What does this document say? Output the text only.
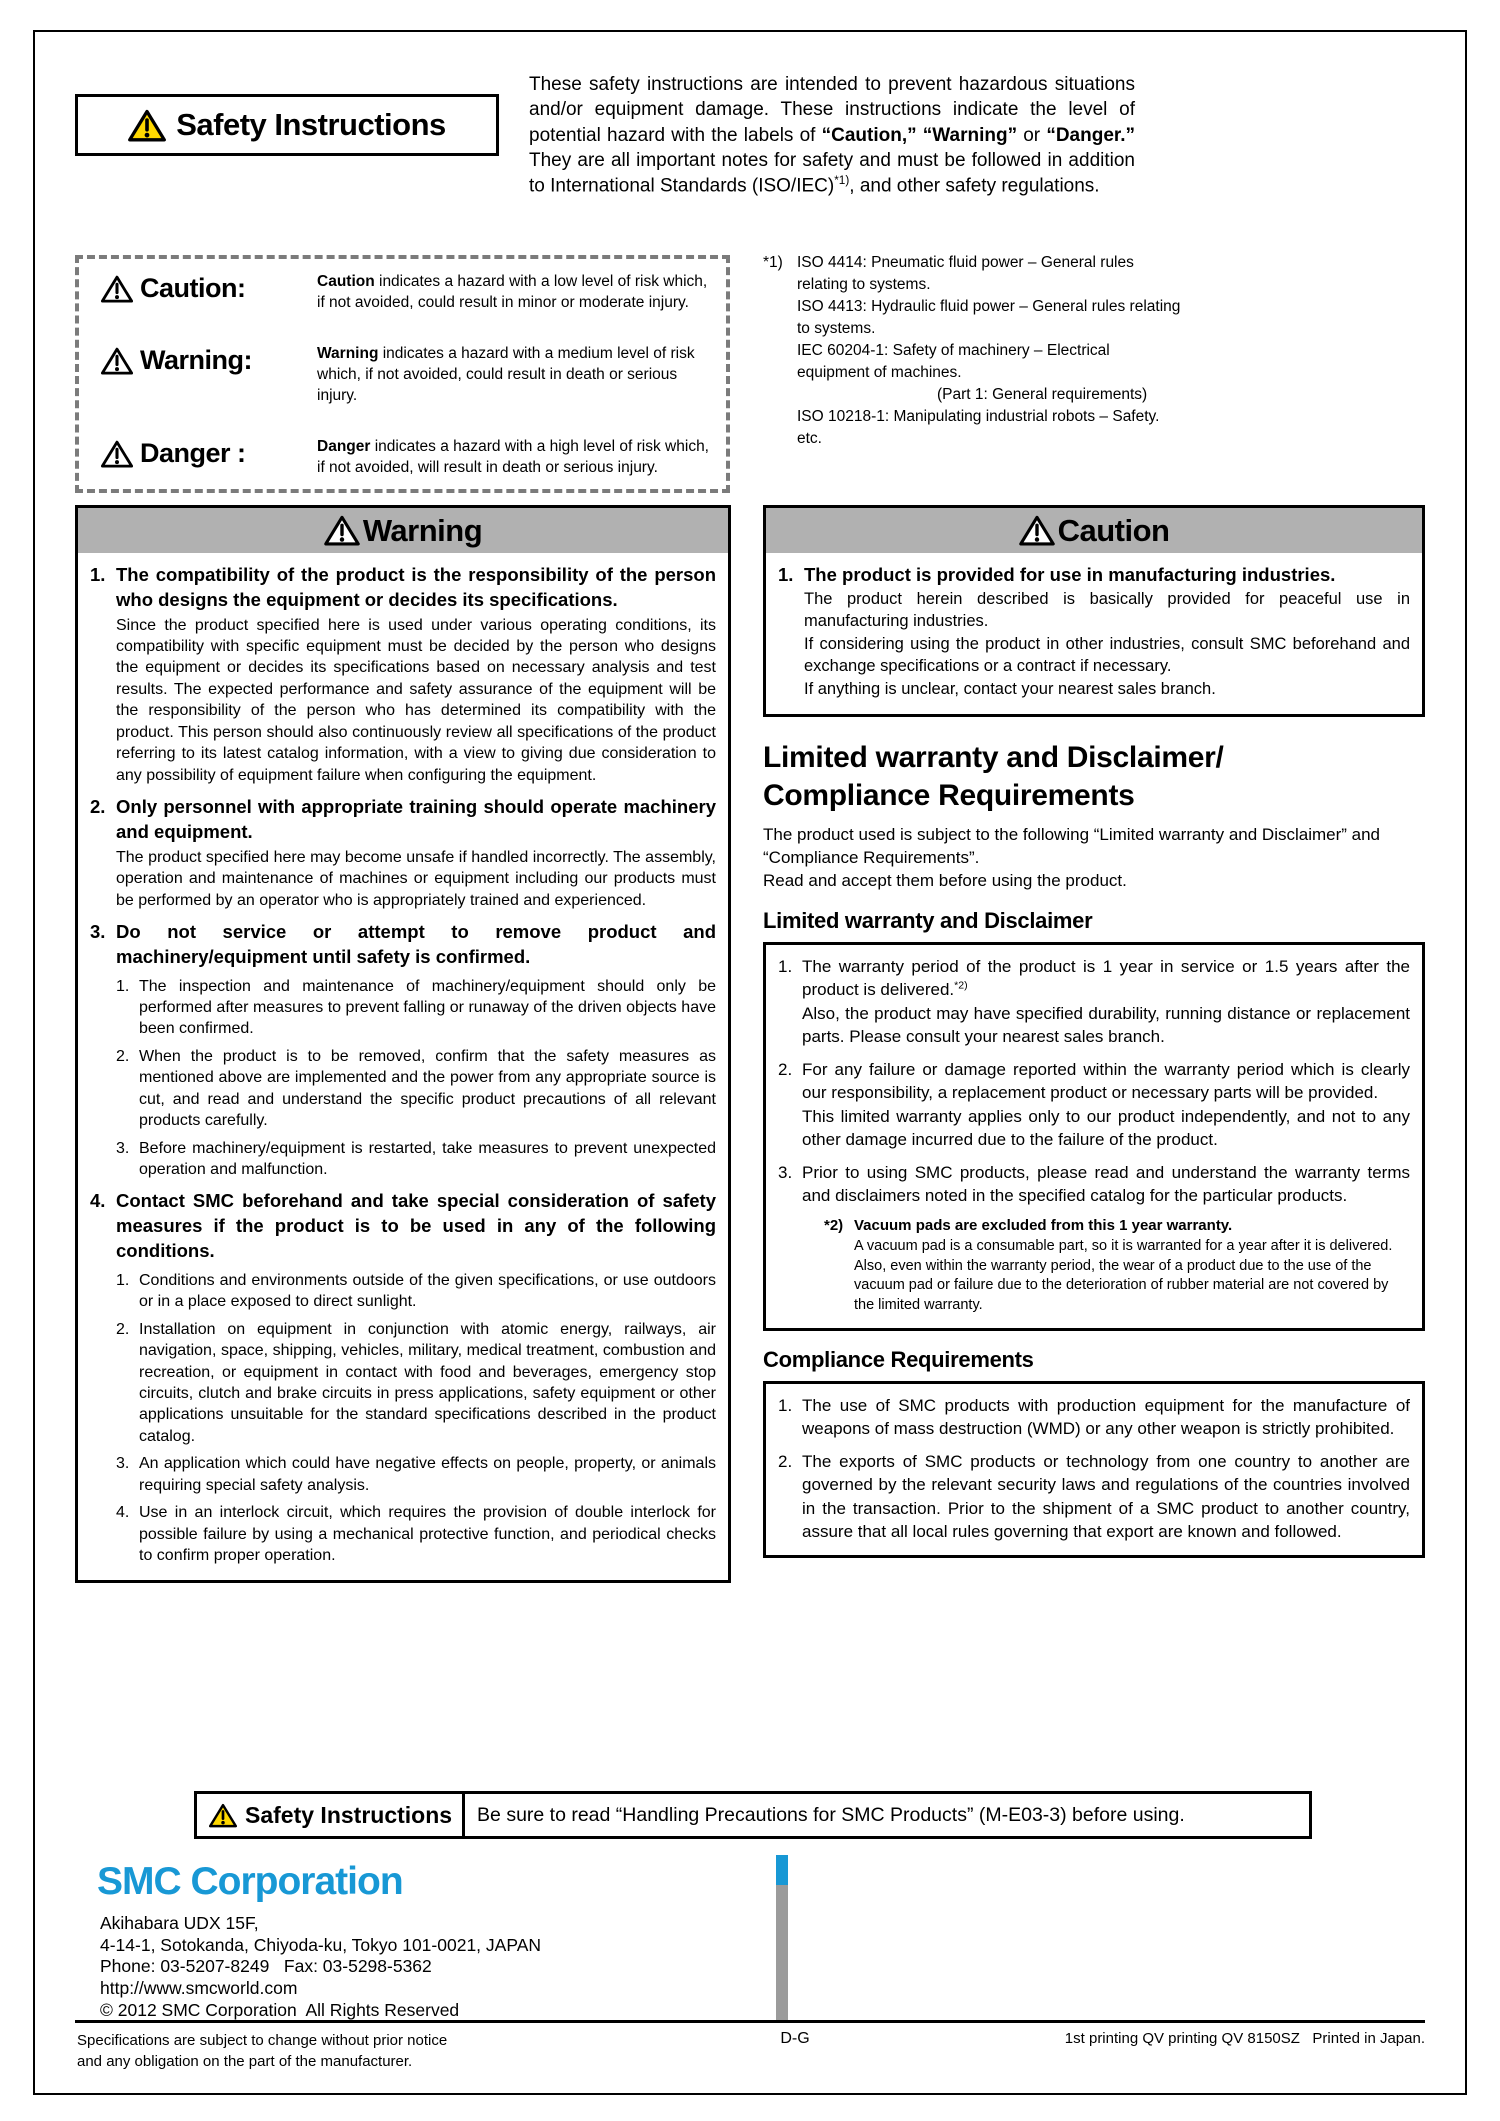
Safety Instructions
These safety instructions are intended to prevent hazardous situations and/or equipment damage. These instructions indicate the level of potential hazard with the labels of “Caution,” “Warning” or “Danger.” They are all important notes for safety and must be followed in addition to International Standards $(ISO/IEC)^{*1)}$, and other safety regulations.
Caution:	Caution indicates a hazard with a low level of risk which, if not avoided, could result in minor or moderate injury.
Warning:	Warning indicates a hazard with a medium level of risk which, if not avoided, could result in death or serious injury.
Danger :	Danger indicates a hazard with a high level of risk which, if not avoided, will result in death or serious injury.
*1) ISO 4414: Pneumatic fluid power – General rules relating to systems.
ISO 4413: Hydraulic fluid power – General rules relating to systems.
IEC 60204-1: Safety of machinery – Electrical equipment of machines.
(Part 1: General requirements)
ISO 10218-1: Manipulating industrial robots – Safety.
etc.
Warning
1. The compatibility of the product is the responsibility of the person who designs the equipment or decides its specifications.
Since the product specified here is used under various operating conditions, its compatibility with specific equipment must be decided by the person who designs the equipment or decides its specifications based on necessary analysis and test results. The expected performance and safety assurance of the equipment will be the responsibility of the person who has determined its compatibility with the product. This person should also continuously review all specifications of the product referring to its latest catalog information, with a view to giving due consideration to any possibility of equipment failure when configuring the equipment.
2. Only personnel with appropriate training should operate machinery and equipment.
The product specified here may become unsafe if handled incorrectly. The assembly, operation and maintenance of machines or equipment including our products must be performed by an operator who is appropriately trained and experienced.
3. Do not service or attempt to remove product and machinery/equipment until safety is confirmed.
1. The inspection and maintenance of machinery/equipment should only be performed after measures to prevent falling or runaway of the driven objects have been confirmed.
2. When the product is to be removed, confirm that the safety measures as mentioned above are implemented and the power from any appropriate source is cut, and read and understand the specific product precautions of all relevant products carefully.
3. Before machinery/equipment is restarted, take measures to prevent unexpected operation and malfunction.
4. Contact SMC beforehand and take special consideration of safety measures if the product is to be used in any of the following conditions.
1. Conditions and environments outside of the given specifications, or use outdoors or in a place exposed to direct sunlight.
2. Installation on equipment in conjunction with atomic energy, railways, air navigation, space, shipping, vehicles, military, medical treatment, combustion and recreation, or equipment in contact with food and beverages, emergency stop circuits, clutch and brake circuits in press applications, safety equipment or other applications unsuitable for the standard specifications described in the product catalog.
3. An application which could have negative effects on people, property, or animals requiring special safety analysis.
4. Use in an interlock circuit, which requires the provision of double interlock for possible failure by using a mechanical protective function, and periodical checks to confirm proper operation.
Caution
1. The product is provided for use in manufacturing industries.
The product herein described is basically provided for peaceful use in manufacturing industries.
If considering using the product in other industries, consult SMC beforehand and exchange specifications or a contract if necessary.
If anything is unclear, contact your nearest sales branch.
Limited warranty and Disclaimer/
Compliance Requirements
The product used is subject to the following “Limited warranty and Disclaimer” and “Compliance Requirements”.
Read and accept them before using the product.
Limited warranty and Disclaimer
1. The warranty period of the product is 1 year in service or 1.5 years after the product is delivered.$^{*2)}$
Also, the product may have specified durability, running distance or replacement parts. Please consult your nearest sales branch.
2. For any failure or damage reported within the warranty period which is clearly our responsibility, a replacement product or necessary parts will be provided.
This limited warranty applies only to our product independently, and not to any other damage incurred due to the failure of the product.
3. Prior to using SMC products, please read and understand the warranty terms and disclaimers noted in the specified catalog for the particular products.
*2) Vacuum pads are excluded from this 1 year warranty.
A vacuum pad is a consumable part, so it is warranted for a year after it is delivered.
Also, even within the warranty period, the wear of a product due to the use of the vacuum pad or failure due to the deterioration of rubber material are not covered by the limited warranty.
Compliance Requirements
1. The use of SMC products with production equipment for the manufacture of weapons of mass destruction (WMD) or any other weapon is strictly prohibited.
2. The exports of SMC products or technology from one country to another are governed by the relevant security laws and regulations of the countries involved in the transaction. Prior to the shipment of a SMC product to another country, assure that all local rules governing that export are known and followed.
Safety Instructions	Be sure to read “Handling Precautions for SMC Products” (M-E03-3) before using.
SMC Corporation
Akihabara UDX 15F,
4-14-1, Sotokanda, Chiyoda-ku, Tokyo 101-0021, JAPAN
Phone: 03-5207-8249   Fax: 03-5298-5362
http://www.smcworld.com
© 2012 SMC Corporation  All Rights Reserved
Specifications are subject to change without prior notice
and any obligation on the part of the manufacturer.
D-G	1st printing QV printing QV 8150SZ   Printed in Japan.
